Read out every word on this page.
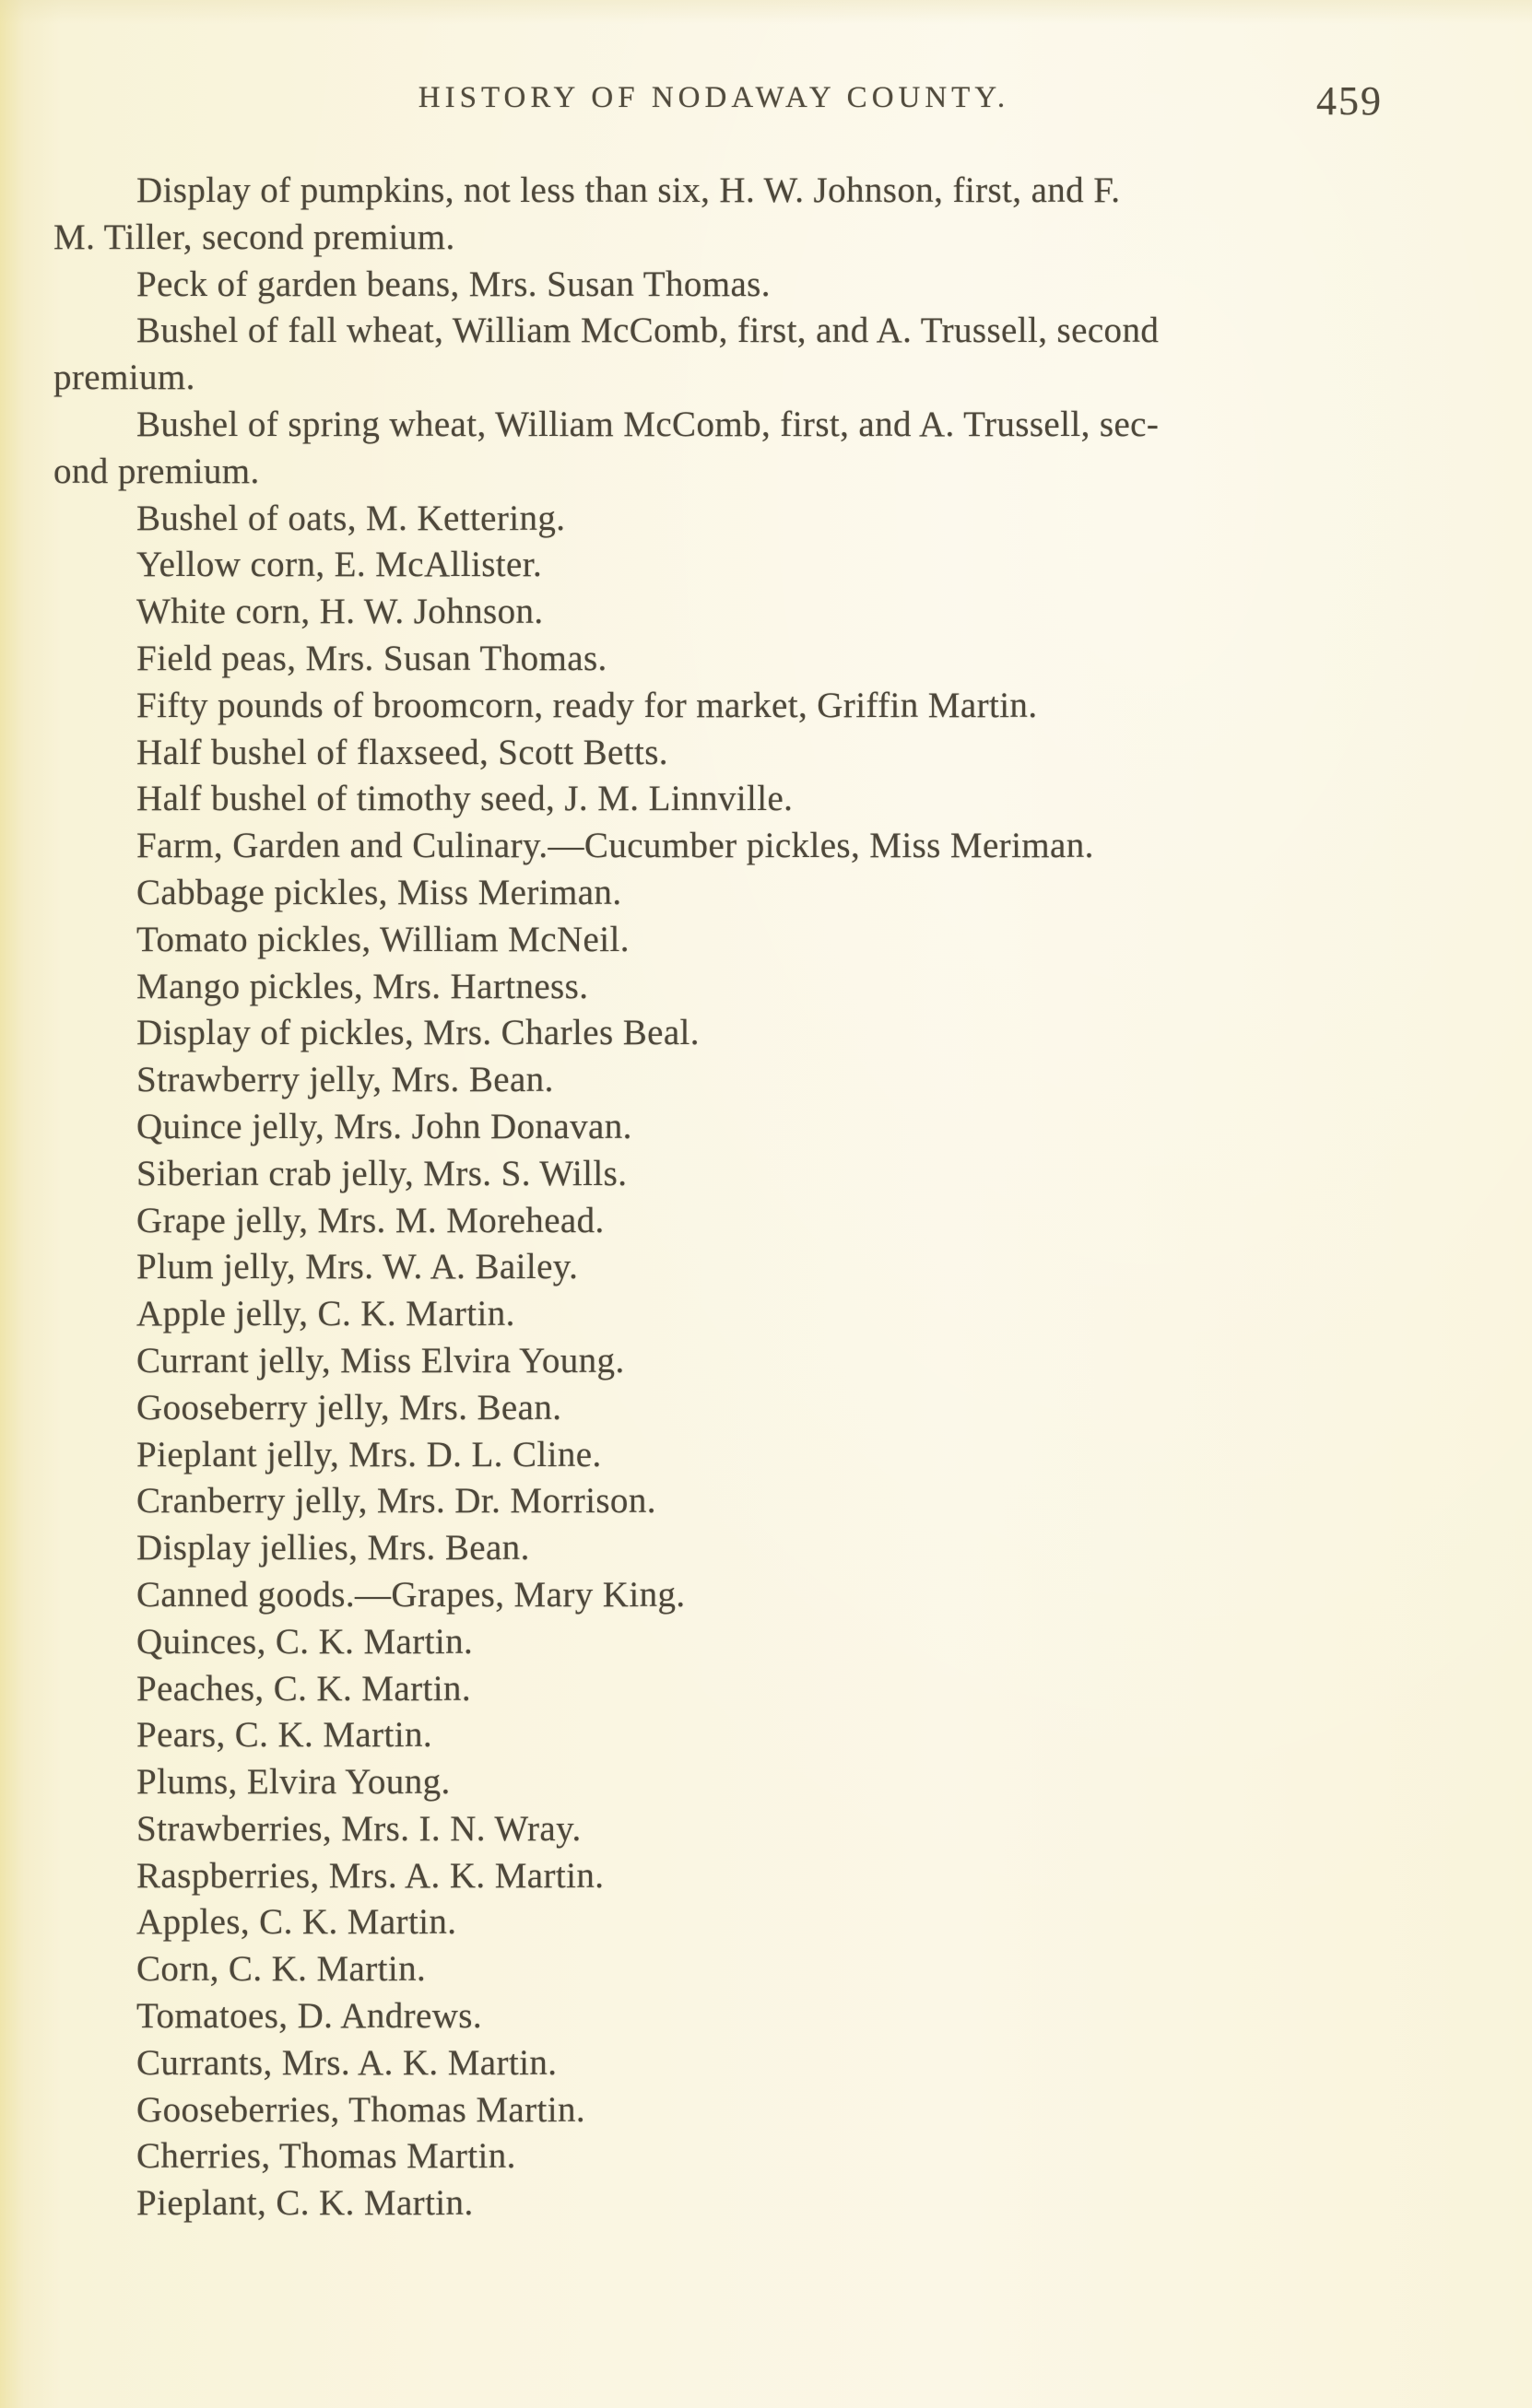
HISTORY OF NODAWAY COUNTY.	459
Display of pumpkins, not less than six, H. W. Johnson, first, and F.
M. Tiller, second premium.
Peck of garden beans, Mrs. Susan Thomas.
Bushel of fall wheat, William McComb, first, and A. Trussell, second
premium.
Bushel of spring wheat, William McComb, first, and A. Trussell, sec-
ond premium.
Bushel of oats, M. Kettering.
Yellow corn, E. McAllister.
White corn, H. W. Johnson.
Field peas, Mrs. Susan Thomas.
Fifty pounds of broomcorn, ready for market, Griffin Martin.
Half bushel of flaxseed, Scott Betts.
Half bushel of timothy seed, J. M. Linnville.
Farm, Garden and Culinary.—Cucumber pickles, Miss Meriman.
Cabbage pickles, Miss Meriman.
Tomato pickles, William McNeil.
Mango pickles, Mrs. Hartness.
Display of pickles, Mrs. Charles Beal.
Strawberry jelly, Mrs. Bean.
Quince jelly, Mrs. John Donavan.
Siberian crab jelly, Mrs. S. Wills.
Grape jelly, Mrs. M. Morehead.
Plum jelly, Mrs. W. A. Bailey.
Apple jelly, C. K. Martin.
Currant jelly, Miss Elvira Young.
Gooseberry jelly, Mrs. Bean.
Pieplant jelly, Mrs. D. L. Cline.
Cranberry jelly, Mrs. Dr. Morrison.
Display jellies, Mrs. Bean.
Canned goods.—Grapes, Mary King.
Quinces, C. K. Martin.
Peaches, C. K. Martin.
Pears, C. K. Martin.
Plums, Elvira Young.
Strawberries, Mrs. I. N. Wray.
Raspberries, Mrs. A. K. Martin.
Apples, C. K. Martin.
Corn, C. K. Martin.
Tomatoes, D. Andrews.
Currants, Mrs. A. K. Martin.
Gooseberries, Thomas Martin.
Cherries, Thomas Martin.
Pieplant, C. K. Martin.
